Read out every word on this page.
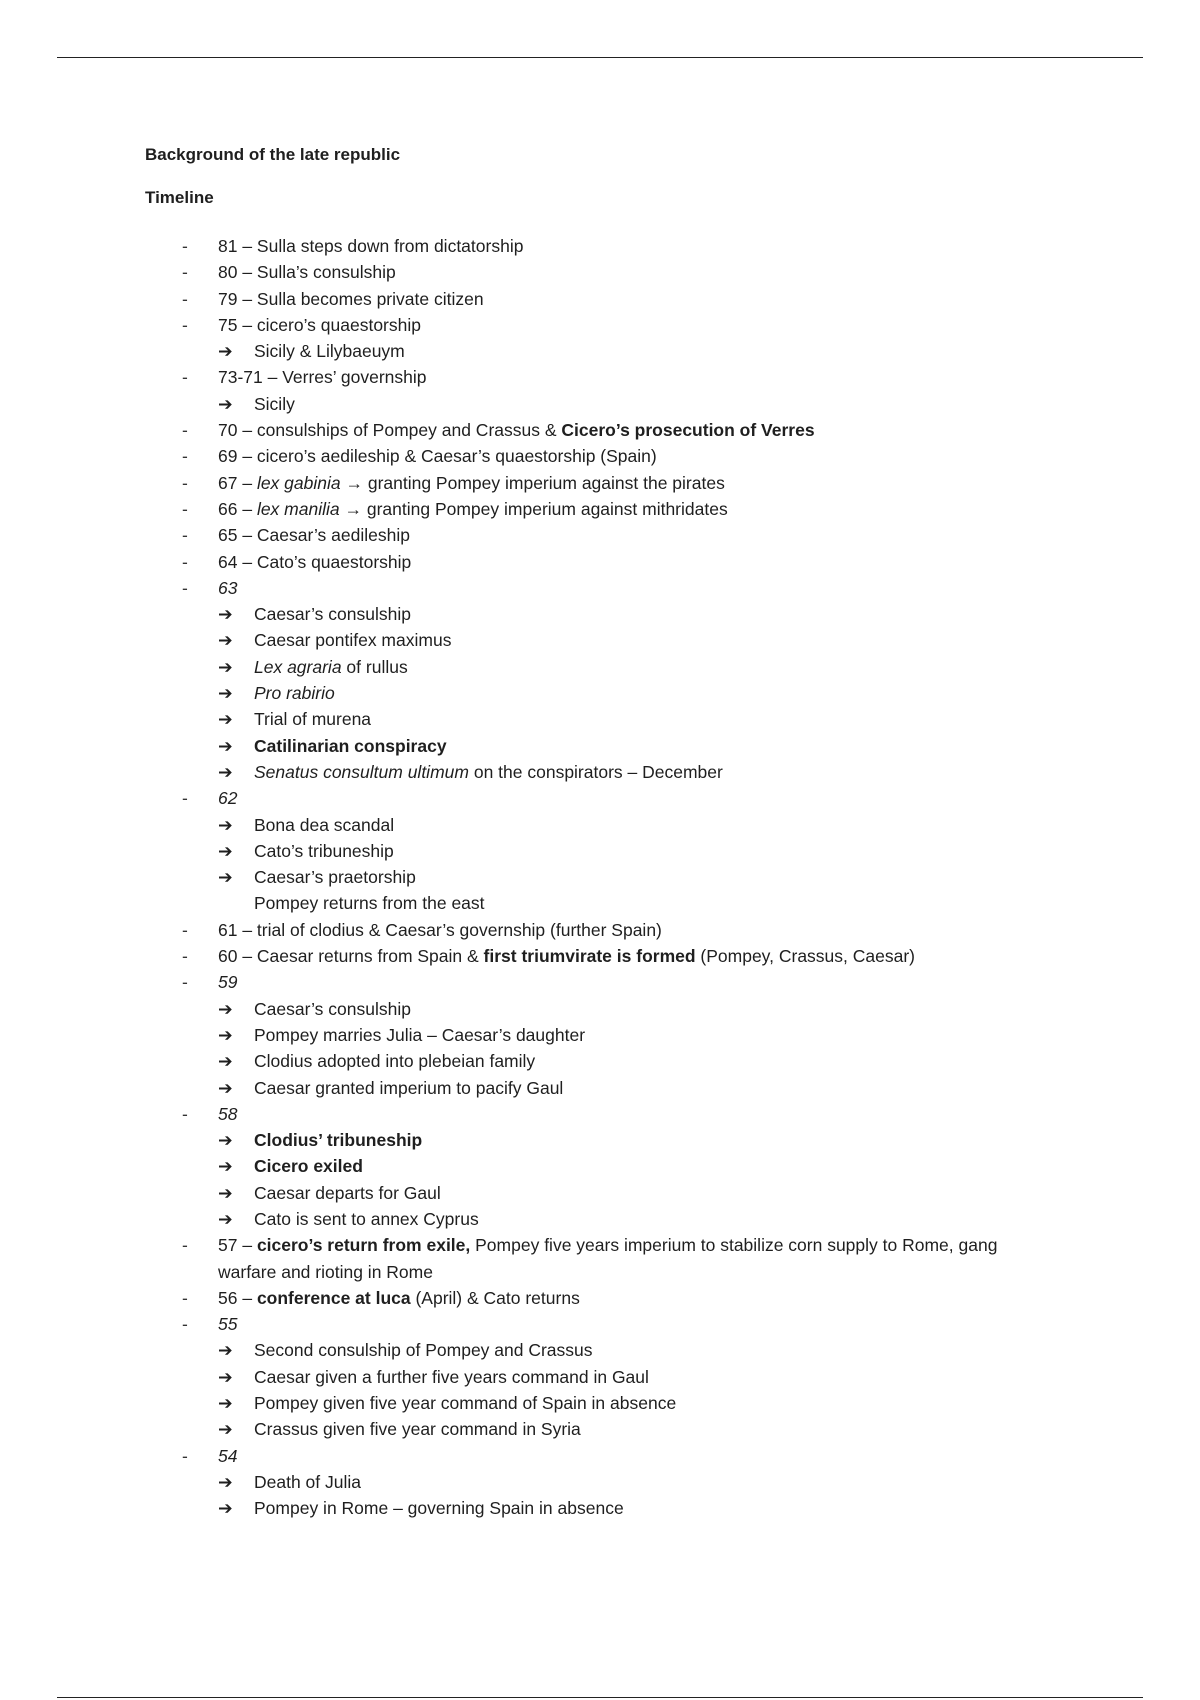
Background of the late republic
Timeline
- 81 – Sulla steps down from dictatorship
- 80 – Sulla’s consulship
- 79 – Sulla becomes private citizen
- 75 – cicero’s quaestorship
➔	Sicily & Lilybaeuym
- 73-71 – Verres’ governship
➔	Sicily
- 70 – consulships of Pompey and Crassus & Cicero’s prosecution of Verres
- 69 – cicero’s aedileship & Caesar’s quaestorship (Spain)
- 67 – lex gabinia → granting Pompey imperium against the pirates
- 66 – lex manilia → granting Pompey imperium against mithridates
- 65 – Caesar’s aedileship
- 64 – Cato’s quaestorship
- 63
➔	Caesar’s consulship
➔	Caesar pontifex maximus
➔	Lex agraria of rullus
➔	Pro rabirio
➔	Trial of murena
➔	Catilinarian conspiracy
➔	Senatus consultum ultimum on the conspirators – December
- 62
➔	Bona dea scandal
➔	Cato’s tribuneship
➔	Caesar’s praetorship
Pompey returns from the east
- 61 – trial of clodius & Caesar’s governship (further Spain)
- 60 – Caesar returns from Spain & first triumvirate is formed (Pompey, Crassus, Caesar)
- 59
➔	Caesar’s consulship
➔	Pompey marries Julia – Caesar’s daughter
➔	Clodius adopted into plebeian family
➔	Caesar granted imperium to pacify Gaul
- 58
➔	Clodius’ tribuneship
➔	Cicero exiled
➔	Caesar departs for Gaul
➔	Cato is sent to annex Cyprus
- 57 – cicero’s return from exile, Pompey five years imperium to stabilize corn supply to Rome, gang warfare and rioting in Rome
- 56 – conference at luca (April) & Cato returns
- 55
➔	Second consulship of Pompey and Crassus
➔	Caesar given a further five years command in Gaul
➔	Pompey given five year command of Spain in absence
➔	Crassus given five year command in Syria
- 54
➔	Death of Julia
➔	Pompey in Rome – governing Spain in absence
